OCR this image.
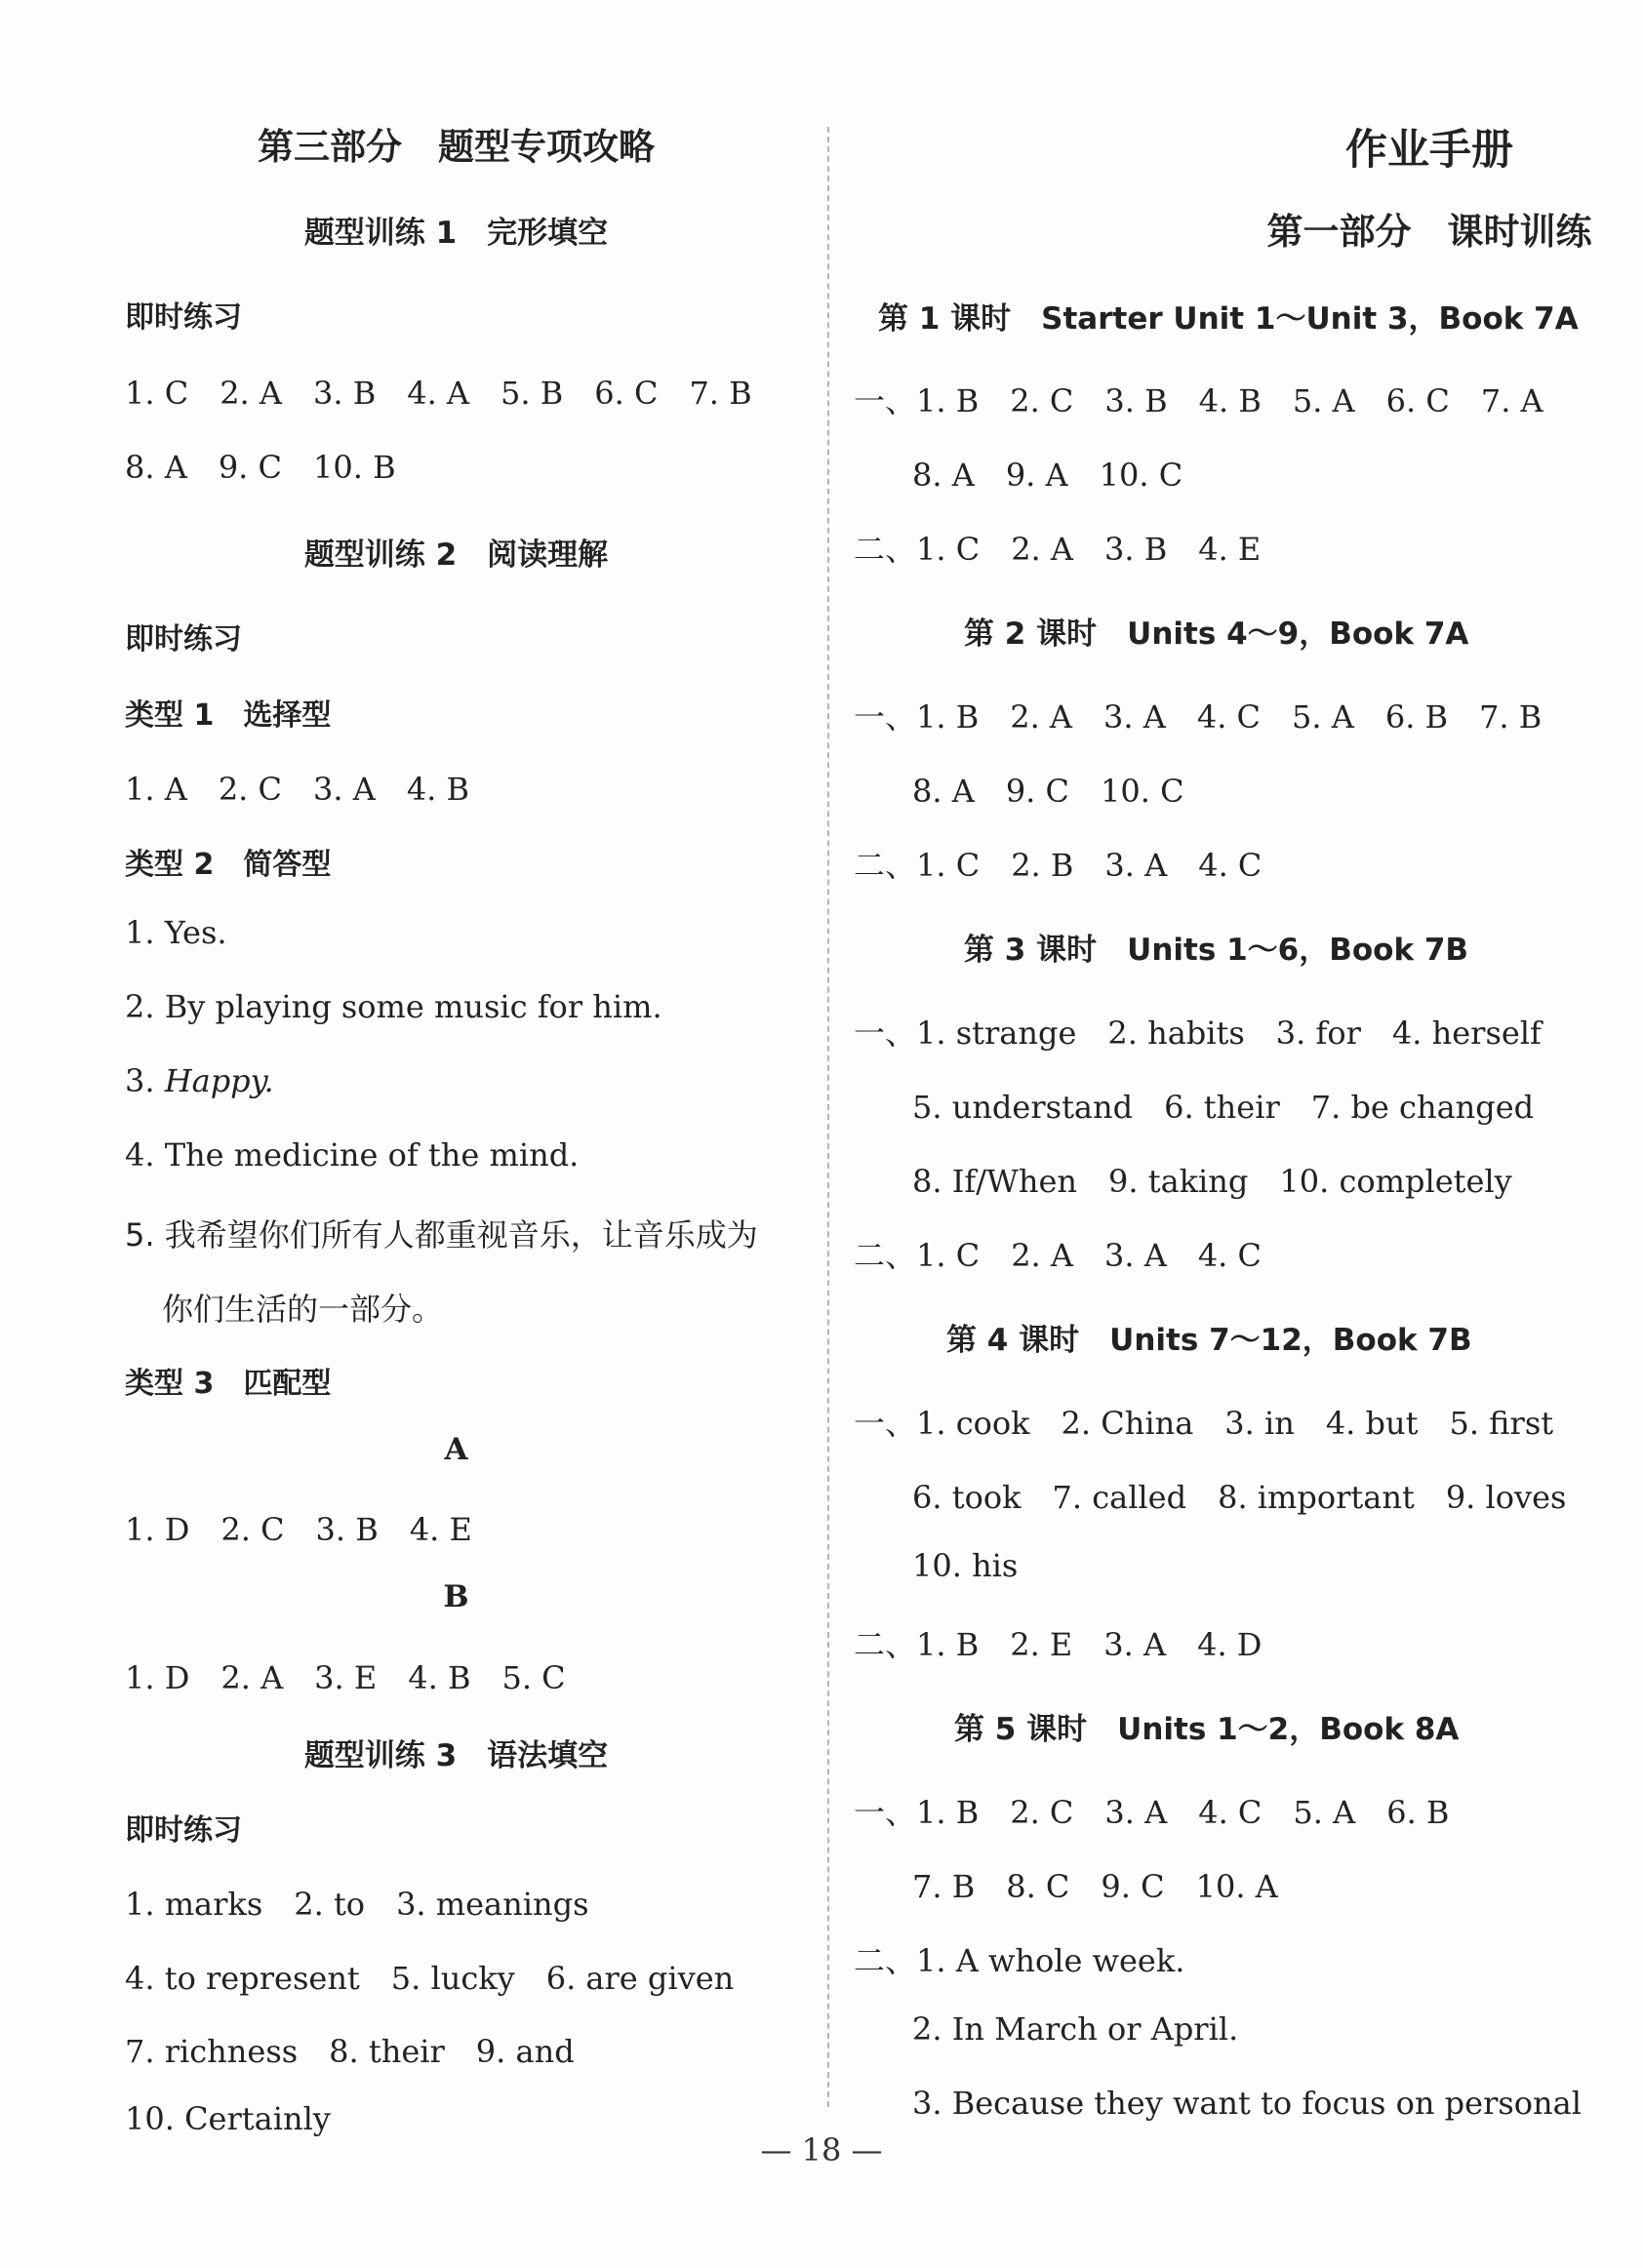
第三部分　题型专项攻略
题型训练 1　完形填空
即时练习
1. C　2. A　3. B　4. A　5. B　6. C　7. B
8. A　9. C　10. B
题型训练 2　阅读理解
即时练习
类型 1　选择型
1. A　2. C　3. A　4. B
类型 2　简答型
1. Yes.
2. By playing some music for him.
3. Happy.
4. The medicine of the mind.
5. 我希望你们所有人都重视音乐，让音乐成为
你们生活的一部分。
类型 3　匹配型
A
1. D　2. C　3. B　4. E
B
1. D　2. A　3. E　4. B　5. C
题型训练 3　语法填空
即时练习
1. marks　2. to　3. meanings
4. to represent　5. lucky　6. are given
7. richness　8. their　9. and
10. Certainly
作业手册
第一部分　课时训练
第 1 课时　Starter Unit 1～Unit 3，Book 7A
一、1. B　2. C　3. B　4. B　5. A　6. C　7. A
8. A　9. A　10. C
二、1. C　2. A　3. B　4. E
第 2 课时　Units 4～9，Book 7A
一、1. B　2. A　3. A　4. C　5. A　6. B　7. B
8. A　9. C　10. C
二、1. C　2. B　3. A　4. C
第 3 课时　Units 1～6，Book 7B
一、1. strange　2. habits　3. for　4. herself
5. understand　6. their　7. be changed
8. If/When　9. taking　10. completely
二、1. C　2. A　3. A　4. C
第 4 课时　Units 7～12，Book 7B
一、1. cook　2. China　3. in　4. but　5. first
6. took　7. called　8. important　9. loves
10. his
二、1. B　2. E　3. A　4. D
第 5 课时　Units 1～2，Book 8A
一、1. B　2. C　3. A　4. C　5. A　6. B
7. B　8. C　9. C　10. A
二、1. A whole week.
2. In March or April.
3. Because they want to focus on personal
— 18 —
